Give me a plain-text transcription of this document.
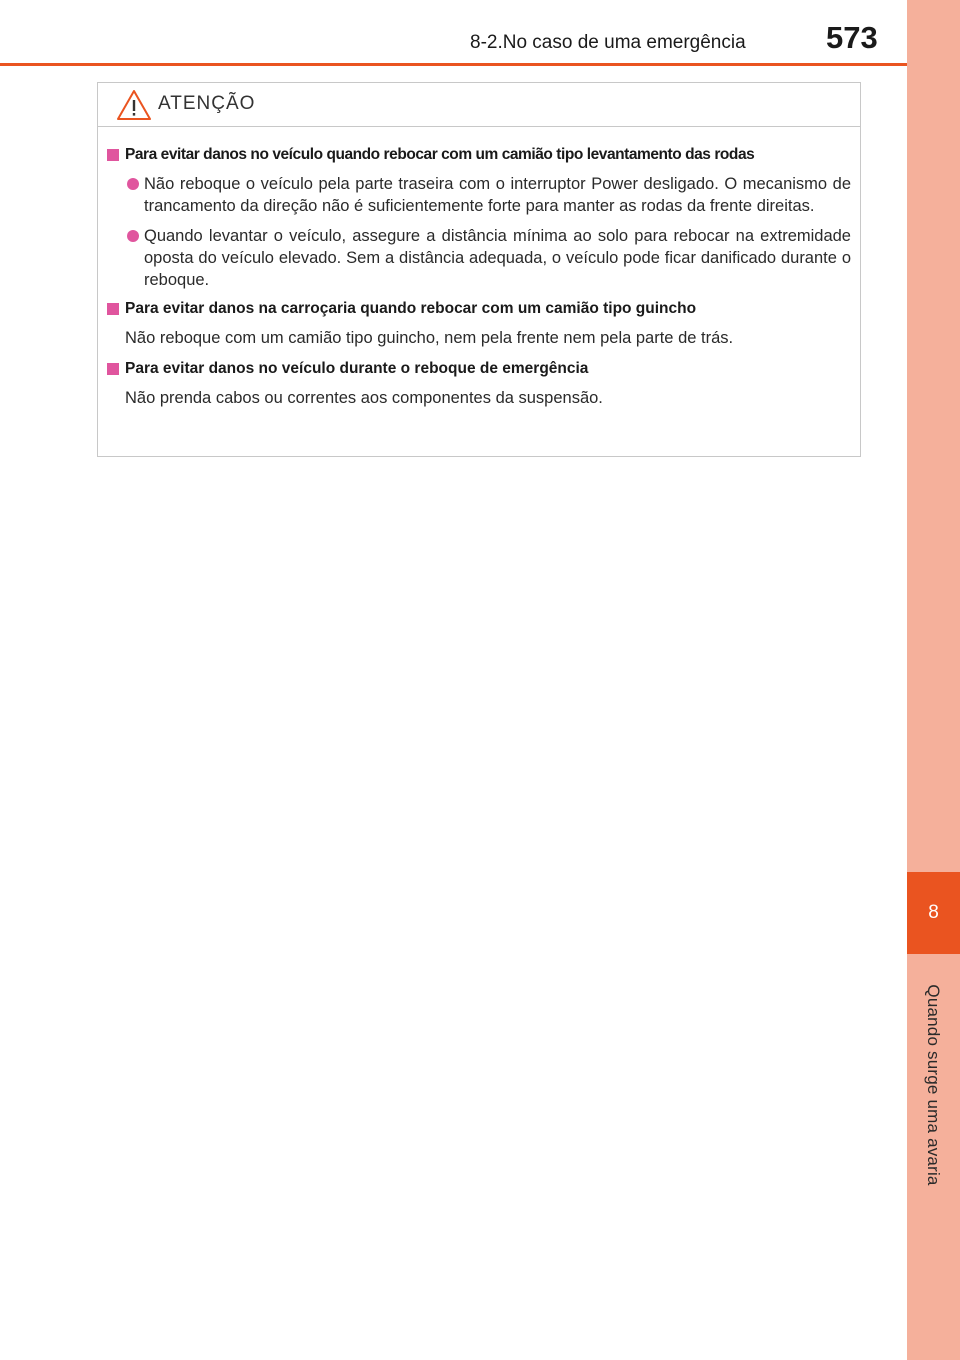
8
Quando surge uma avaria
8-2.No caso de uma emergência	573
ATENÇÃO
Para evitar danos no veículo quando rebocar com um camião tipo levantamento das rodas
Não reboque o veículo pela parte traseira com o interruptor Power desligado. O mecanismo de trancamento da direção não é suficientemente forte para manter as rodas da frente direitas.
Quando levantar o veículo, assegure a distância mínima ao solo para rebocar na extremidade oposta do veículo elevado. Sem a distância adequada, o veículo pode ficar danificado durante o reboque.
Para evitar danos na carroçaria quando rebocar com um camião tipo guincho
Não reboque com um camião tipo guincho, nem pela frente nem pela parte de trás.
Para evitar danos no veículo durante o reboque de emergência
Não prenda cabos ou correntes aos componentes da suspensão.
